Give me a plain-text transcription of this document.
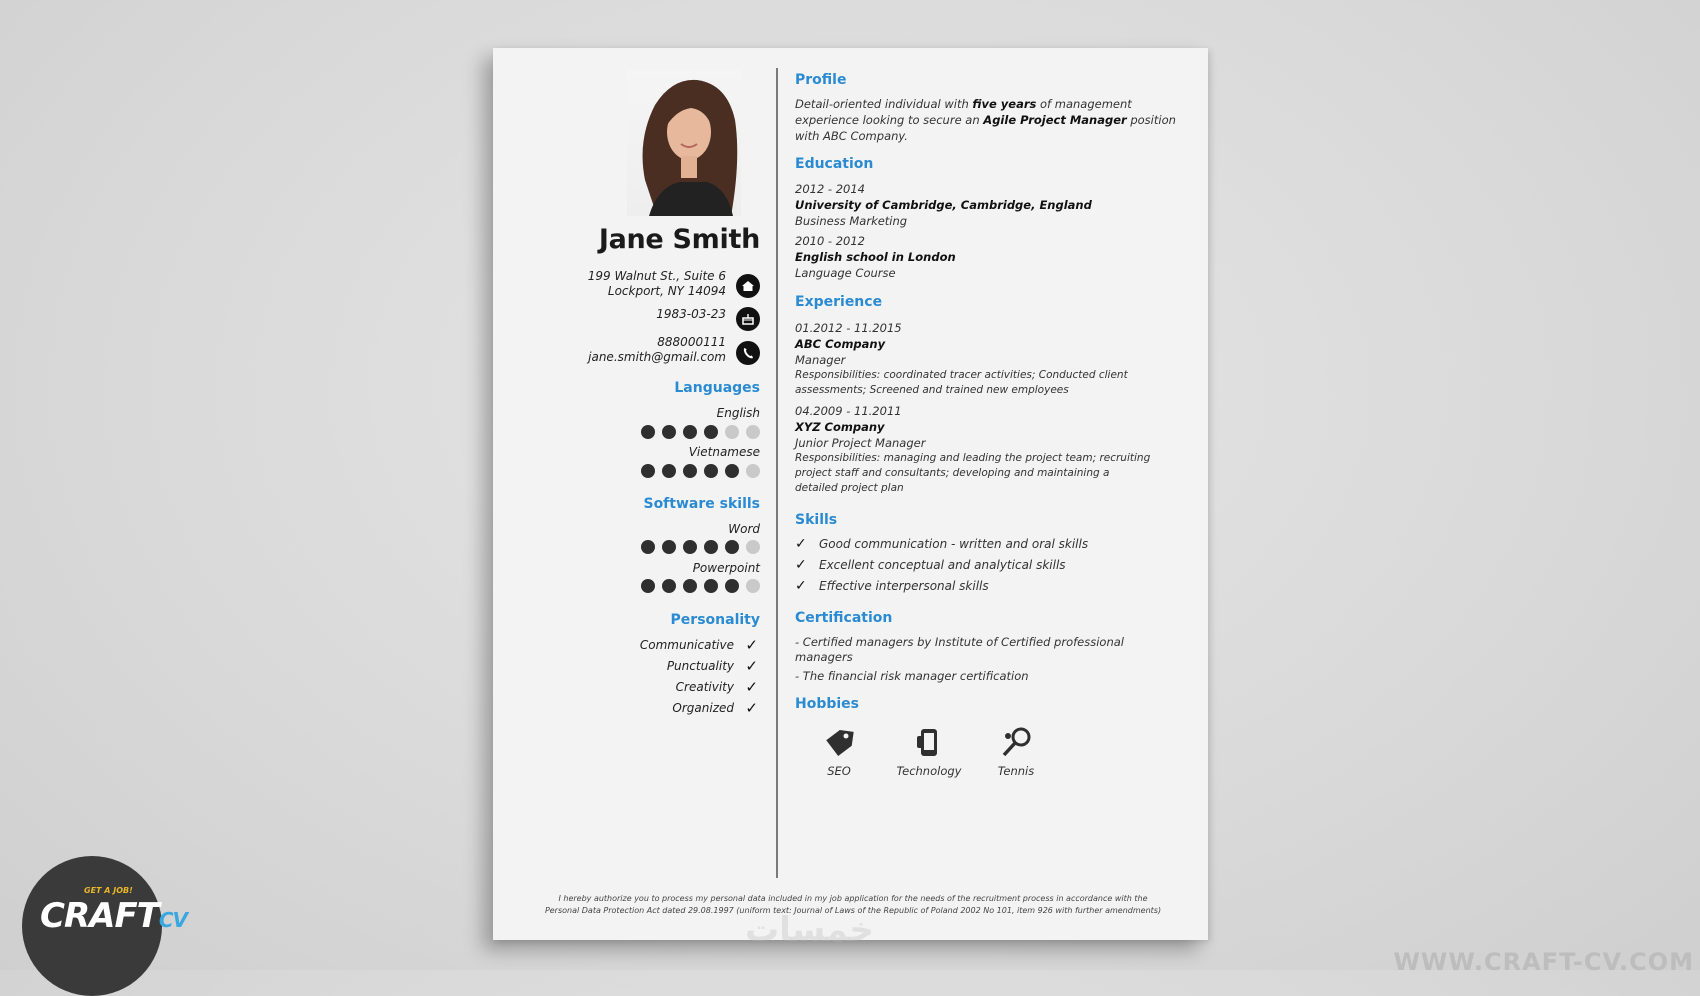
Jane Smith
199 Walnut St., Suite 6
Lockport, NY 14094
1983-03-23
888000111
jane.smith@gmail.com
Languages
English
Vietnamese
Software skills
Word
Powerpoint
Personality
Communicative ✓
Punctuality ✓
Creativity ✓
Organized ✓
Profile
Detail-oriented individual with five years of management
experience looking to secure an Agile Project Manager position
with ABC Company.
Education
2012 - 2014
University of Cambridge, Cambridge, England
Business Marketing
2010 - 2012
English school in London
Language Course
Experience
01.2012 - 11.2015
ABC Company
Manager
Responsibilities: coordinated tracer activities; Conducted client
assessments; Screened and trained new employees
04.2009 - 11.2011
XYZ Company
Junior Project Manager
Responsibilities: managing and leading the project team; recruiting
project staff and consultants; developing and maintaining a
detailed project plan
Skills
✓ Good communication - written and oral skills
✓ Excellent conceptual and analytical skills
✓ Effective interpersonal skills
Certification
- Certified managers by Institute of Certified professional
managers
- The financial risk manager certification
Hobbies
SEO	Technology	Tennis
I hereby authorize you to process my personal data included in my job application for the needs of the recruitment process in accordance with the
Personal Data Protection Act dated 29.08.1997 (uniform text: Journal of Laws of the Republic of Poland 2002 No 101, item 926 with further amendments)
خمسات
GET A JOB!
CRAFTCV
WWW.CRAFT-CV.COM
